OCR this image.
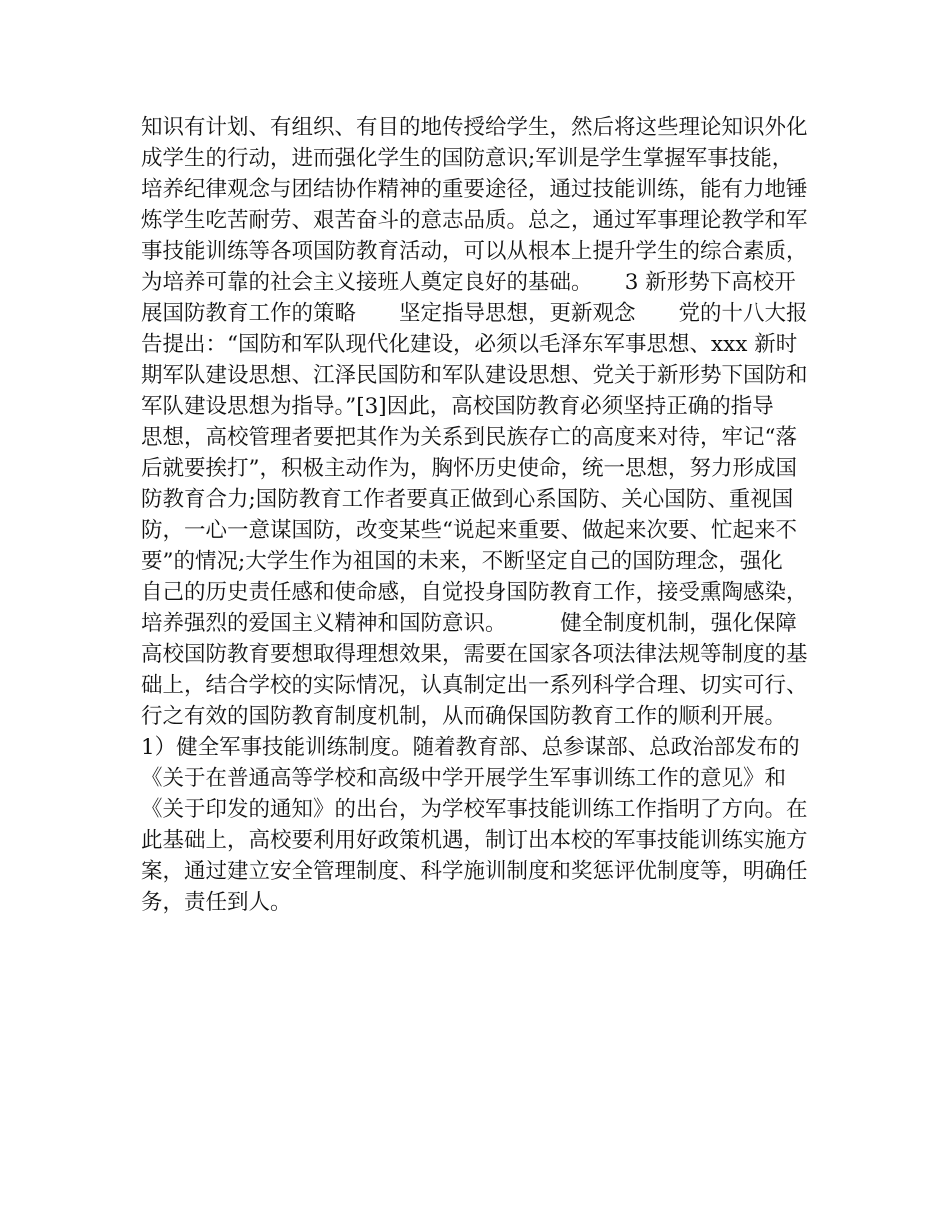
知识有计划、有组织、有目的地传授给学生，然后将这些理论知识外化
成学生的行动，进而强化学生的国防意识;军训是学生掌握军事技能，
培养纪律观念与团结协作精神的重要途径，通过技能训练，能有力地锤
炼学生吃苦耐劳、艰苦奋斗的意志品质。总之，通过军事理论教学和军
事技能训练等各项国防教育活动，可以从根本上提升学生的综合素质，
为培养可靠的社会主义接班人奠定良好的基础。　　3 新形势下高校开
展国防教育工作的策略　　坚定指导思想，更新观念　　党的十八大报
告提出：“国防和军队现代化建设，必须以毛泽东军事思想、xxx 新时
期军队建设思想、江泽民国防和军队建设思想、党关于新形势下国防和
军队建设思想为指导。”[3]因此，高校国防教育必须坚持正确的指导
思想，高校管理者要把其作为关系到民族存亡的高度来对待，牢记“落
后就要挨打”，积极主动作为，胸怀历史使命，统一思想，努力形成国
防教育合力;国防教育工作者要真正做到心系国防、关心国防、重视国
防，一心一意谋国防，改变某些“说起来重要、做起来次要、忙起来不
要”的情况;大学生作为祖国的未来，不断坚定自己的国防理念，强化
自己的历史责任感和使命感，自觉投身国防教育工作，接受熏陶感染，
培养强烈的爱国主义精神和国防意识。　　　健全制度机制，强化保障
高校国防教育要想取得理想效果，需要在国家各项法律法规等制度的基
础上，结合学校的实际情况，认真制定出一系列科学合理、切实可行、
行之有效的国防教育制度机制，从而确保国防教育工作的顺利开展。
1）健全军事技能训练制度。随着教育部、总参谋部、总政治部发布的
《关于在普通高等学校和高级中学开展学生军事训练工作的意见》和
《关于印发的通知》的出台，为学校军事技能训练工作指明了方向。在
此基础上，高校要利用好政策机遇，制订出本校的军事技能训练实施方
案，通过建立安全管理制度、科学施训制度和奖惩评优制度等，明确任
务，责任到人。
